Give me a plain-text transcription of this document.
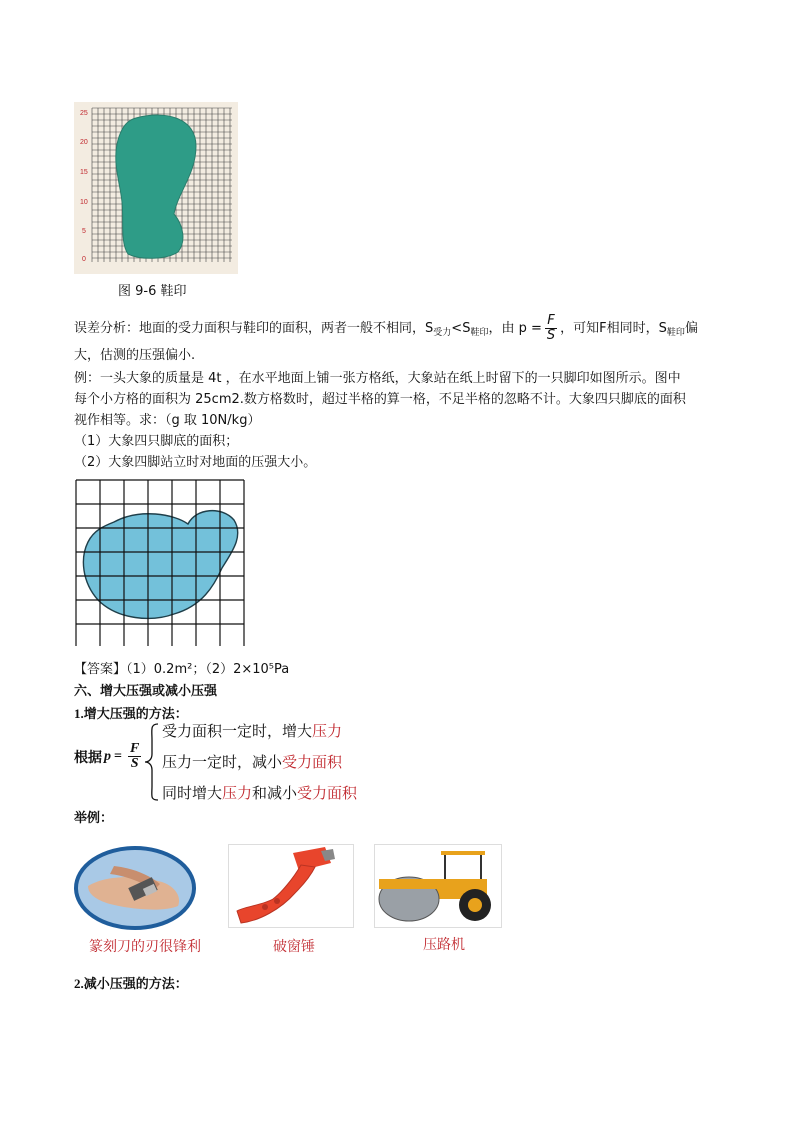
25
20
15
10
5
0
图 9-6 鞋印
误差分析：地面的受力面积与鞋印的面积，两者一般不相同，$S_{受力}<S_{鞋印}$，由 $p = \frac{F}{S}$ ，可知F相同时，$S_{鞋印}$偏
大，估测的压强偏小.
例：一头大象的质量是 4t ，在水平地面上铺一张方格纸，大象站在纸上时留下的一只脚印如图所示。图中
每个小方格的面积为 25cm2.数方格数时，超过半格的算一格，不足半格的忽略不计。大象四只脚底的面积
视作相等。求：（g 取 10N/kg）
（1）大象四只脚底的面积；
（2）大象四脚站立时对地面的压强大小。
【答案】（1）0.2m²；（2）2×10⁵Pa
六、增大压强或减小压强
1.增大压强的方法：
根据 $p = \frac{F}{S}$
受力面积一定时，增大压力
压力一定时，减小受力面积
同时增大压力和减小受力面积
举例：
篆刻刀的刃很锋利	破窗锤	压路机
2.减小压强的方法：
